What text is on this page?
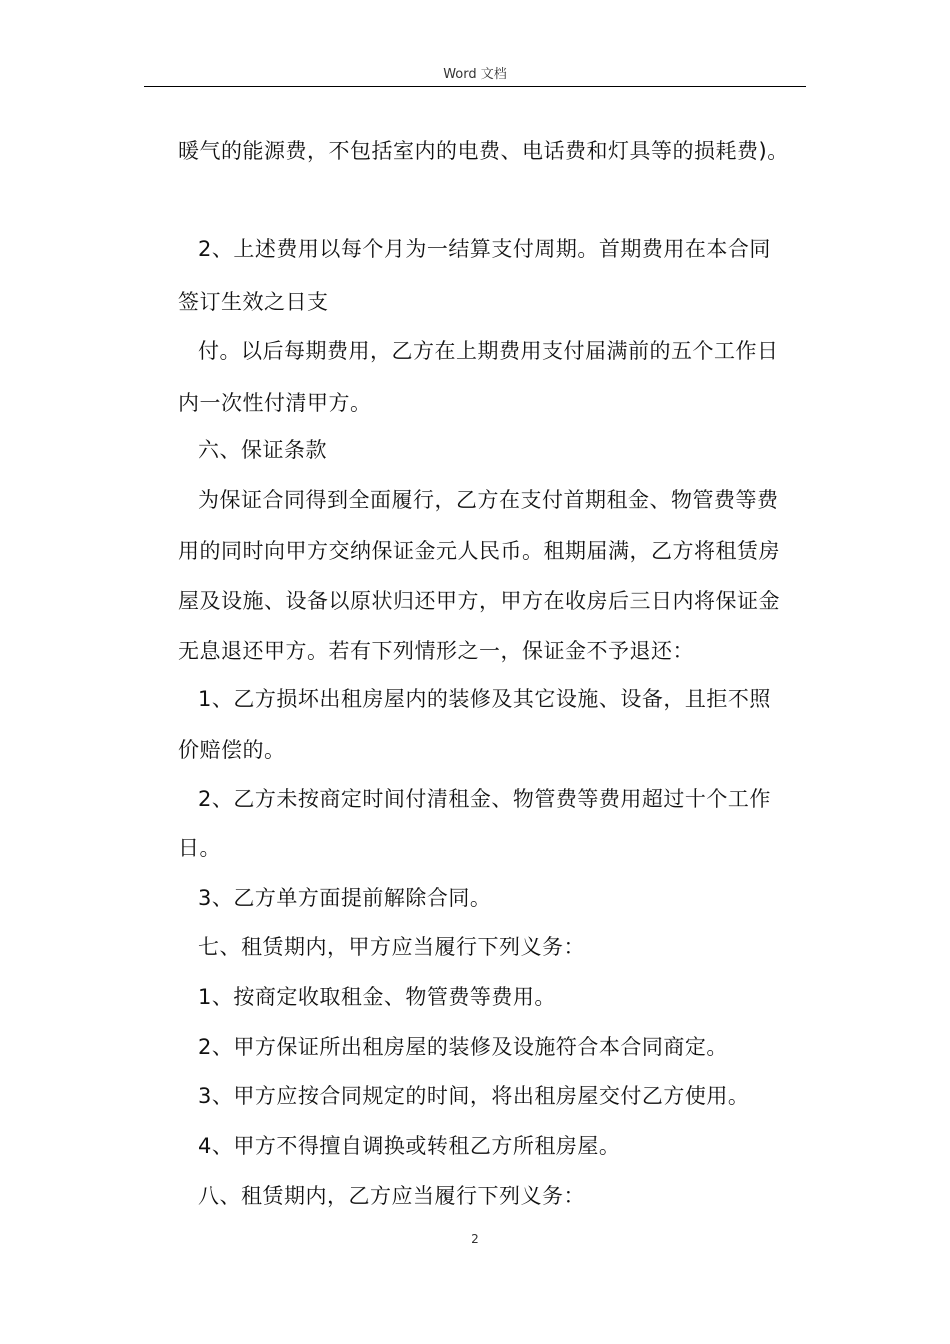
Word 文档
暖气的能源费，不包括室内的电费、电话费和灯具等的损耗费)。
2、上述费用以每个月为一结算支付周期。首期费用在本合同
签订生效之日支
付。以后每期费用，乙方在上期费用支付届满前的五个工作日
内一次性付清甲方。
六、保证条款
为保证合同得到全面履行，乙方在支付首期租金、物管费等费
用的同时向甲方交纳保证金元人民币。租期届满，乙方将租赁房
屋及设施、设备以原状归还甲方，甲方在收房后三日内将保证金
无息退还甲方。若有下列情形之一，保证金不予退还：
1、乙方损坏出租房屋内的装修及其它设施、设备，且拒不照
价赔偿的。
2、乙方未按商定时间付清租金、物管费等费用超过十个工作
日。
3、乙方单方面提前解除合同。
七、租赁期内，甲方应当履行下列义务：
1、按商定收取租金、物管费等费用。
2、甲方保证所出租房屋的装修及设施符合本合同商定。
3、甲方应按合同规定的时间，将出租房屋交付乙方使用。
4、甲方不得擅自调换或转租乙方所租房屋。
八、租赁期内，乙方应当履行下列义务：
2
